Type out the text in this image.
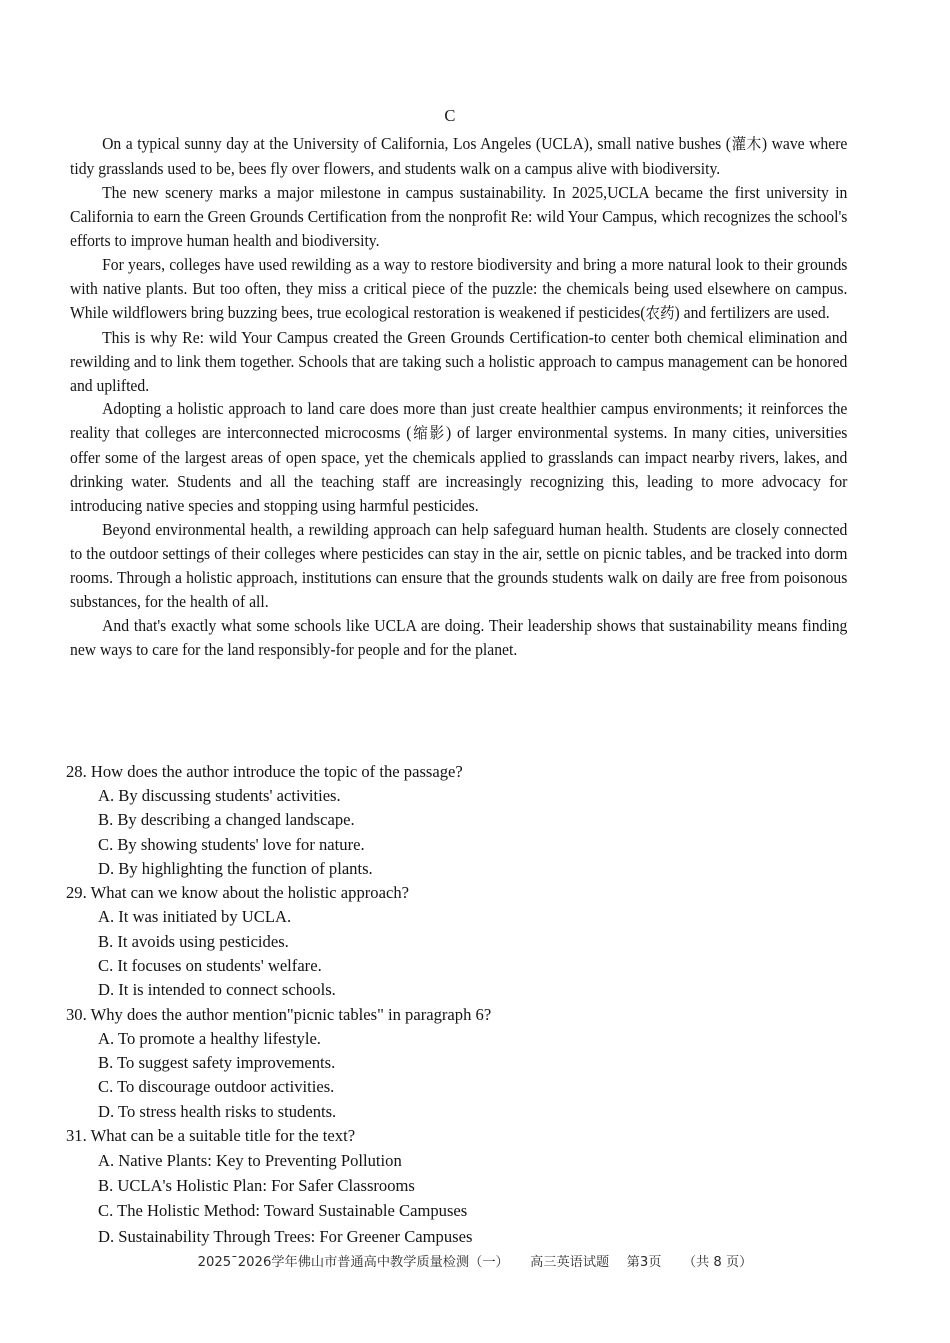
C

On a typical sunny day at the University of California, Los Angeles (UCLA), small native bushes (灌木) wave where tidy grasslands used to be, bees fly over flowers, and students walk on a campus alive with biodiversity.

The new scenery marks a major milestone in campus sustainability. In 2025,UCLA became the first university in California to earn the Green Grounds Certification from the nonprofit Re: wild Your Campus, which recognizes the school's efforts to improve human health and biodiversity.

For years, colleges have used rewilding as a way to restore biodiversity and bring a more natural look to their grounds with native plants. But too often, they miss a critical piece of the puzzle: the chemicals being used elsewhere on campus. While wildflowers bring buzzing bees, true ecological restoration is weakened if pesticides(农药) and fertilizers are used.

This is why Re: wild Your Campus created the Green Grounds Certification-to center both chemical elimination and rewilding and to link them together. Schools that are taking such a holistic approach to campus management can be honored and uplifted.

Adopting a holistic approach to land care does more than just create healthier campus environments; it reinforces the reality that colleges are interconnected microcosms (缩影) of larger environmental systems. In many cities, universities offer some of the largest areas of open space, yet the chemicals applied to grasslands can impact nearby rivers, lakes, and drinking water. Students and all the teaching staff are increasingly recognizing this, leading to more advocacy for introducing native species and stopping using harmful pesticides.

Beyond environmental health, a rewilding approach can help safeguard human health. Students are closely connected to the outdoor settings of their colleges where pesticides can stay in the air, settle on picnic tables, and be tracked into dorm rooms. Through a holistic approach, institutions can ensure that the grounds students walk on daily are free from poisonous substances, for the health of all.

And that's exactly what some schools like UCLA are doing. Their leadership shows that sustainability means finding new ways to care for the land responsibly-for people and for the planet.

28. How does the author introduce the topic of the passage?
A. By discussing students' activities.
B. By describing a changed landscape.
C. By showing students' love for nature.
D. By highlighting the function of plants.
29. What can we know about the holistic approach?
A. It was initiated by UCLA.
B. It avoids using pesticides.
C. It focuses on students' welfare.
D. It is intended to connect schools.
30. Why does the author mention"picnic tables" in paragraph 6?
A. To promote a healthy lifestyle.
B. To suggest safety improvements.
C. To discourage outdoor activities.
D. To stress health risks to students.
31. What can be a suitable title for the text?
A. Native Plants: Key to Preventing Pollution
B. UCLA's Holistic Plan: For Safer Classrooms
C. The Holistic Method: Toward Sustainable Campuses
D. Sustainability Through Trees: For Greener Campuses
2025ˉ2026学年佛山市普通高中教学质量检测（一） 高三英语试题 第3页 （共 8 页）
